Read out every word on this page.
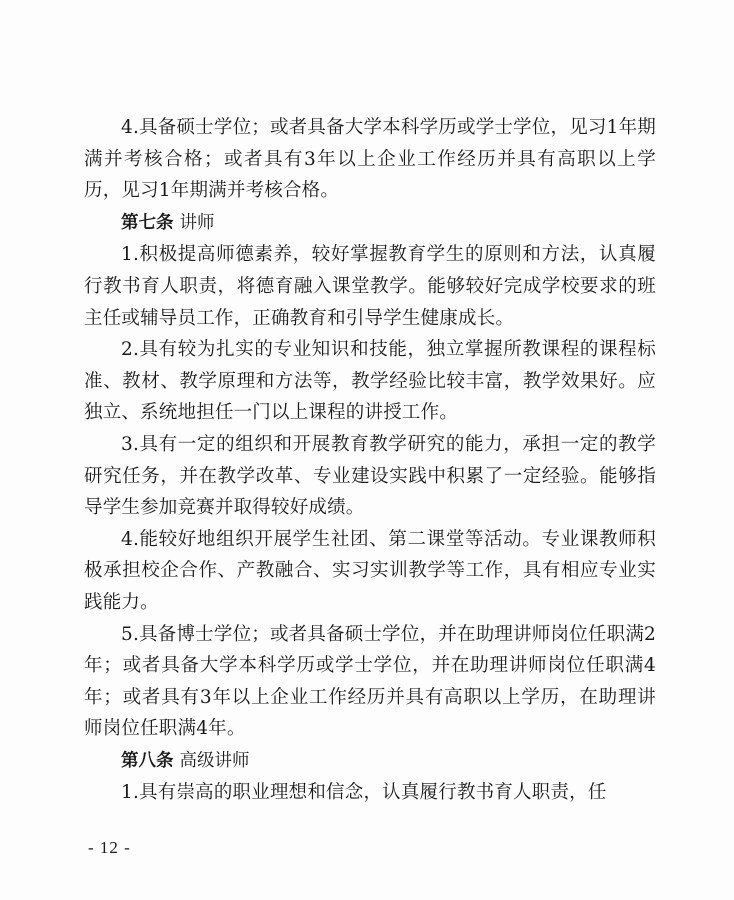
4.具备硕士学位；或者具备大学本科学历或学士学位，见习1年期满并考核合格；或者具有3年以上企业工作经历并具有高职以上学历，见习1年期满并考核合格。

第七条 讲师

1.积极提高师德素养，较好掌握教育学生的原则和方法，认真履行教书育人职责，将德育融入课堂教学。能够较好完成学校要求的班主任或辅导员工作，正确教育和引导学生健康成长。

2.具有较为扎实的专业知识和技能，独立掌握所教课程的课程标准、教材、教学原理和方法等，教学经验比较丰富，教学效果好。应独立、系统地担任一门以上课程的讲授工作。

3.具有一定的组织和开展教育教学研究的能力，承担一定的教学研究任务，并在教学改革、专业建设实践中积累了一定经验。能够指导学生参加竞赛并取得较好成绩。

4.能较好地组织开展学生社团、第二课堂等活动。专业课教师积极承担校企合作、产教融合、实习实训教学等工作，具有相应专业实践能力。

5.具备博士学位；或者具备硕士学位，并在助理讲师岗位任职满2年；或者具备大学本科学历或学士学位，并在助理讲师岗位任职满4年；或者具有3年以上企业工作经历并具有高职以上学历，在助理讲师岗位任职满4年。

第八条 高级讲师

1.具有崇高的职业理想和信念，认真履行教书育人职责，任

- 12 -
